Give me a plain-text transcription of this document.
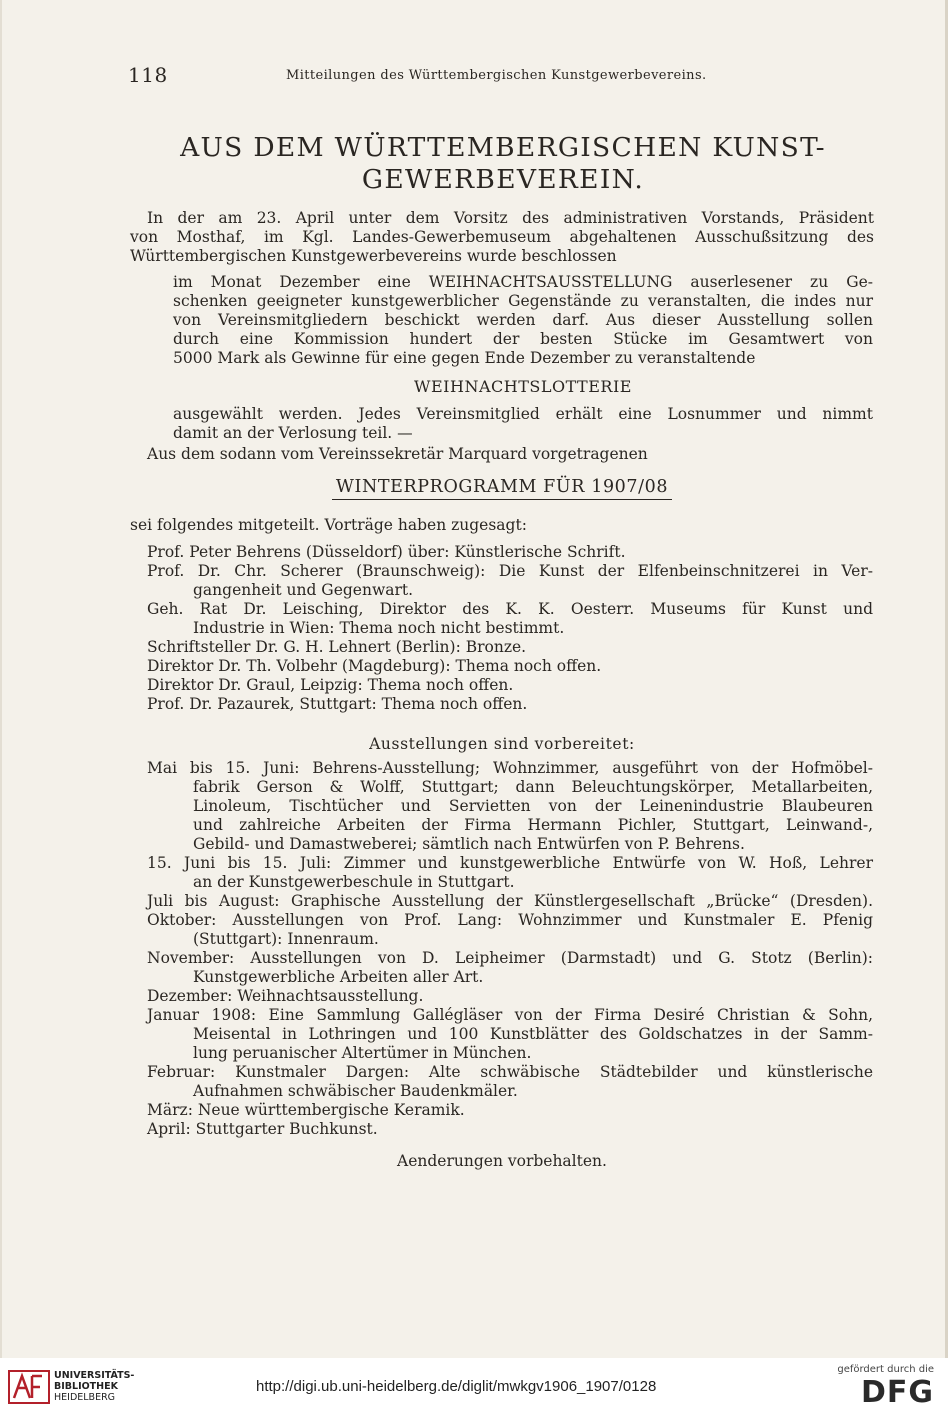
118	Mitteilungen des Württembergischen Kunstgewerbevereins.
AUS DEM WÜRTTEMBERGISCHEN KUNST-
GEWERBEVEREIN.
In der am 23. April unter dem Vorsitz des administrativen Vorstands, Präsident
von Mosthaf, im Kgl. Landes-Gewerbemuseum abgehaltenen Ausschußsitzung des
Württembergischen Kunstgewerbevereins wurde beschlossen
im Monat Dezember eine WEIHNACHTSAUSSTELLUNG auserlesener zu Ge-
schenken geeigneter kunstgewerblicher Gegenstände zu veranstalten, die indes nur
von Vereinsmitgliedern beschickt werden darf. Aus dieser Ausstellung sollen
durch eine Kommission hundert der besten Stücke im Gesamtwert von
5000 Mark als Gewinne für eine gegen Ende Dezember zu veranstaltende
WEIHNACHTSLOTTERIE
ausgewählt werden. Jedes Vereinsmitglied erhält eine Losnummer und nimmt
damit an der Verlosung teil. —
Aus dem sodann vom Vereinssekretär Marquard vorgetragenen
WINTERPROGRAMM FÜR 1907/08
sei folgendes mitgeteilt. Vorträge haben zugesagt:
Prof. Peter Behrens (Düsseldorf) über: Künstlerische Schrift.
Prof. Dr. Chr. Scherer (Braunschweig): Die Kunst der Elfenbeinschnitzerei in Ver-
gangenheit und Gegenwart.
Geh. Rat Dr. Leisching, Direktor des K. K. Oesterr. Museums für Kunst und
Industrie in Wien: Thema noch nicht bestimmt.
Schriftsteller Dr. G. H. Lehnert (Berlin): Bronze.
Direktor Dr. Th. Volbehr (Magdeburg): Thema noch offen.
Direktor Dr. Graul, Leipzig: Thema noch offen.
Prof. Dr. Pazaurek, Stuttgart: Thema noch offen.
Ausstellungen sind vorbereitet:
Mai bis 15. Juni: Behrens-Ausstellung; Wohnzimmer, ausgeführt von der Hofmöbel-
fabrik Gerson & Wolff, Stuttgart; dann Beleuchtungskörper, Metallarbeiten,
Linoleum, Tischtücher und Servietten von der Leinenindustrie Blaubeuren
und zahlreiche Arbeiten der Firma Hermann Pichler, Stuttgart, Leinwand-,
Gebild- und Damastweberei; sämtlich nach Entwürfen von P. Behrens.
15. Juni bis 15. Juli: Zimmer und kunstgewerbliche Entwürfe von W. Hoß, Lehrer
an der Kunstgewerbeschule in Stuttgart.
Juli bis August: Graphische Ausstellung der Künstlergesellschaft „Brücke“ (Dresden).
Oktober: Ausstellungen von Prof. Lang: Wohnzimmer und Kunstmaler E. Pfenig
(Stuttgart): Innenraum.
November: Ausstellungen von D. Leipheimer (Darmstadt) und G. Stotz (Berlin):
Kunstgewerbliche Arbeiten aller Art.
Dezember: Weihnachtsausstellung.
Januar 1908: Eine Sammlung Gallégläser von der Firma Desiré Christian & Sohn,
Meisental in Lothringen und 100 Kunstblätter des Goldschatzes in der Samm-
lung peruanischer Altertümer in München.
Februar: Kunstmaler Dargen: Alte schwäbische Städtebilder und künstlerische
Aufnahmen schwäbischer Baudenkmäler.
März: Neue württembergische Keramik.
April: Stuttgarter Buchkunst.
Aenderungen vorbehalten.
UNIVERSITÄTS-
BIBLIOTHEK
HEIDELBERG
http://digi.ub.uni-heidelberg.de/diglit/mwkgv1906_1907/0128
gefördert durch die
DFG
